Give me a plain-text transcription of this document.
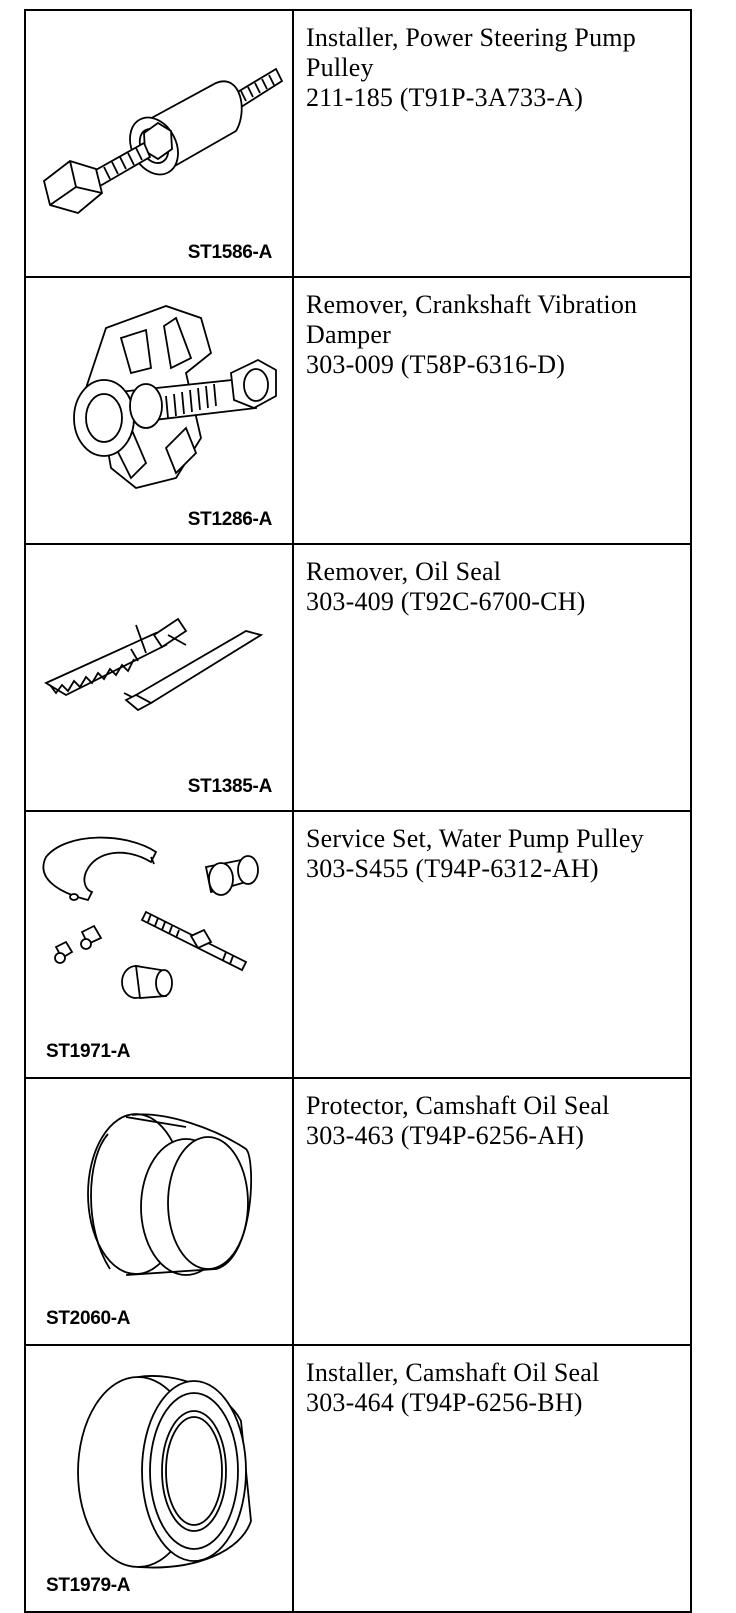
ST1586-A	Installer, Power Steering Pump
Pulley
211-185 (T91P-3A733-A)

ST1286-A	Remover, Crankshaft Vibration
Damper
303-009 (T58P-6316-D)

ST1385-A	Remover, Oil Seal
303-409 (T92C-6700-CH)

ST1971-A	Service Set, Water Pump Pulley
303-S455 (T94P-6312-AH)

ST2060-A	Protector, Camshaft Oil Seal
303-463 (T94P-6256-AH)

ST1979-A	Installer, Camshaft Oil Seal
303-464 (T94P-6256-BH)
